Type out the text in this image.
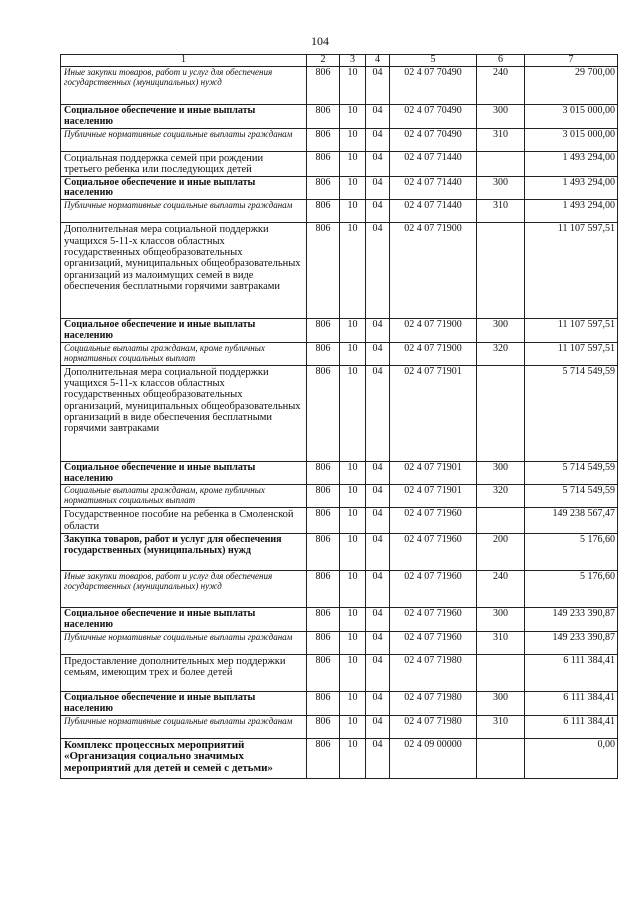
104
1	2	3	4	5	6	7
Иные закупки товаров, работ и услуг для обеспечения государственных (муниципальных) нужд	806	10	04	02 4 07 70490	240	29 700,00
Социальное обеспечение и иные выплаты населению	806	10	04	02 4 07 70490	300	3 015 000,00
Публичные нормативные социальные выплаты гражданам	806	10	04	02 4 07 70490	310	3 015 000,00
Социальная поддержка семей при рождении третьего ребенка или последующих детей	806	10	04	02 4 07 71440		1 493 294,00
Социальное обеспечение и иные выплаты населению	806	10	04	02 4 07 71440	300	1 493 294,00
Публичные нормативные социальные выплаты гражданам	806	10	04	02 4 07 71440	310	1 493 294,00
Дополнительная мера социальной поддержки учащихся 5-11-х классов областных государственных общеобразовательных организаций, муниципальных общеобразовательных организаций из малоимущих семей в виде обеспечения бесплатными горячими завтраками	806	10	04	02 4 07 71900		11 107 597,51
Социальное обеспечение и иные выплаты населению	806	10	04	02 4 07 71900	300	11 107 597,51
Социальные выплаты гражданам, кроме публичных нормативных социальных выплат	806	10	04	02 4 07 71900	320	11 107 597,51
Дополнительная мера социальной поддержки учащихся 5-11-х классов областных государственных общеобразовательных организаций, муниципальных общеобразовательных организаций в виде обеспечения бесплатными горячими завтраками	806	10	04	02 4 07 71901		5 714 549,59
Социальное обеспечение и иные выплаты населению	806	10	04	02 4 07 71901	300	5 714 549,59
Социальные выплаты гражданам, кроме публичных нормативных социальных выплат	806	10	04	02 4 07 71901	320	5 714 549,59
Государственное пособие на ребенка в Смоленской области	806	10	04	02 4 07 71960		149 238 567,47
Закупка товаров, работ и услуг для обеспечения государственных (муниципальных) нужд	806	10	04	02 4 07 71960	200	5 176,60
Иные закупки товаров, работ и услуг для обеспечения государственных (муниципальных) нужд	806	10	04	02 4 07 71960	240	5 176,60
Социальное обеспечение и иные выплаты населению	806	10	04	02 4 07 71960	300	149 233 390,87
Публичные нормативные социальные выплаты гражданам	806	10	04	02 4 07 71960	310	149 233 390,87
Предоставление дополнительных мер поддержки семьям, имеющим трех и более детей	806	10	04	02 4 07 71980		6 111 384,41
Социальное обеспечение и иные выплаты населению	806	10	04	02 4 07 71980	300	6 111 384,41
Публичные нормативные социальные выплаты гражданам	806	10	04	02 4 07 71980	310	6 111 384,41
Комплекс процессных мероприятий «Организация социально значимых мероприятий для детей и семей с детьми»	806	10	04	02 4 09 00000		0,00
